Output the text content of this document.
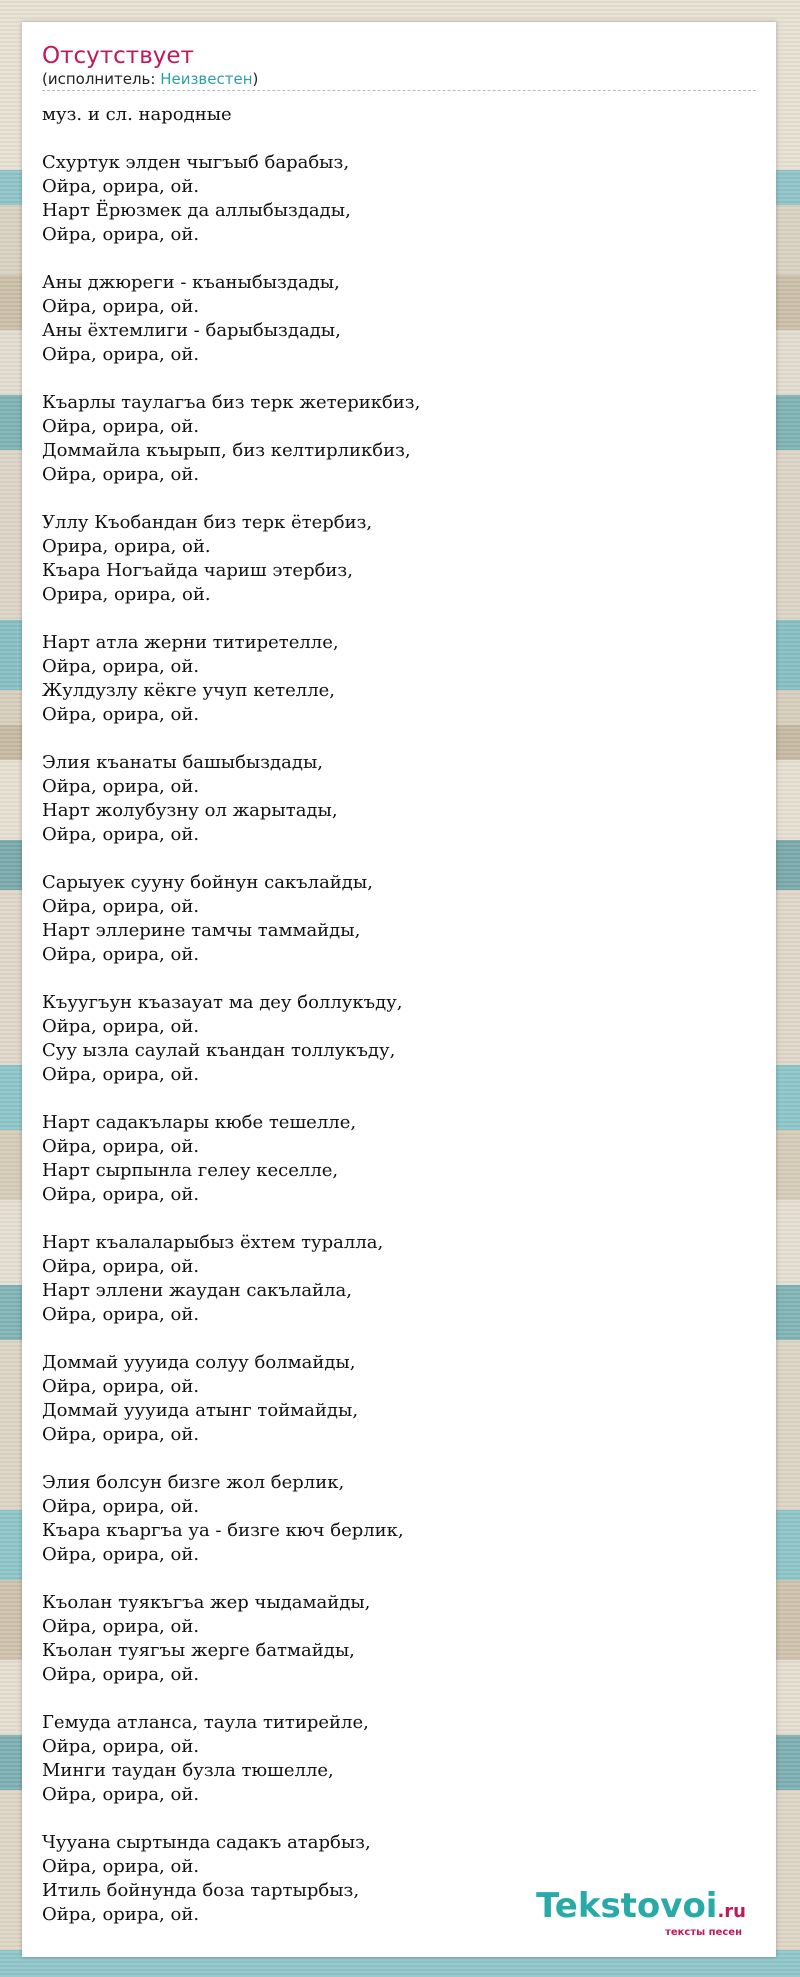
Отсутствует
(исполнитель: Неизвестен)
муз. и сл. народные
Схуртук элден чыгъыб барабыз,
Ойра, орира, ой.
Нарт Ёрюзмек да аллыбыздады,
Ойра, орира, ой.
Аны джюреги - къаныбыздады,
Ойра, орира, ой.
Аны ёхтемлиги - барыбыздады,
Ойра, орира, ой.
Къарлы таулагъа биз терк жетерикбиз,
Ойра, орира, ой.
Доммайла къырып, биз келтирликбиз,
Ойра, орира, ой.
Уллу Къобандан биз терк ётербиз,
Орира, орира, ой.
Къара Ногъайда чариш этербиз,
Орира, орира, ой.
Нарт атла жерни титиретелле,
Ойра, орира, ой.
Жулдузлу кёкге учуп кетелле,
Ойра, орира, ой.
Элия къанаты башыбыздады,
Ойра, орира, ой.
Нарт жолубузну ол жарытады,
Ойра, орира, ой.
Сарыуек сууну бойнун сакълайды,
Ойра, орира, ой.
Нарт эллерине тамчы таммайды,
Ойра, орира, ой.
Къуугъун къазауат ма деу боллукъду,
Ойра, орира, ой.
Суу ызла саулай къандан толлукъду,
Ойра, орира, ой.
Нарт садакълары кюбе тешелле,
Ойра, орира, ой.
Нарт сырпынла гелеу кеселле,
Ойра, орира, ой.
Нарт къалаларыбыз ёхтем туралла,
Ойра, орира, ой.
Нарт эллени жаудан сакълайла,
Ойра, орира, ой.
Доммай уууида солуу болмайды,
Ойра, орира, ой.
Доммай уууида атынг тоймайды,
Ойра, орира, ой.
Элия болсун бизге жол берлик,
Ойра, орира, ой.
Къара къаргъа уа - бизге кюч берлик,
Ойра, орира, ой.
Къолан туякъгъа жер чыдамайды,
Ойра, орира, ой.
Къолан туягъы жерге батмайды,
Ойра, орира, ой.
Гемуда атланса, таула титирейле,
Ойра, орира, ой.
Минги таудан бузла тюшелле,
Ойра, орира, ой.
Чууана сыртында садакъ атарбыз,
Ойра, орира, ой.
Итиль бойнунда боза тартырбыз,
Ойра, орира, ой.	Tekstovoi.ru
тексты песен
